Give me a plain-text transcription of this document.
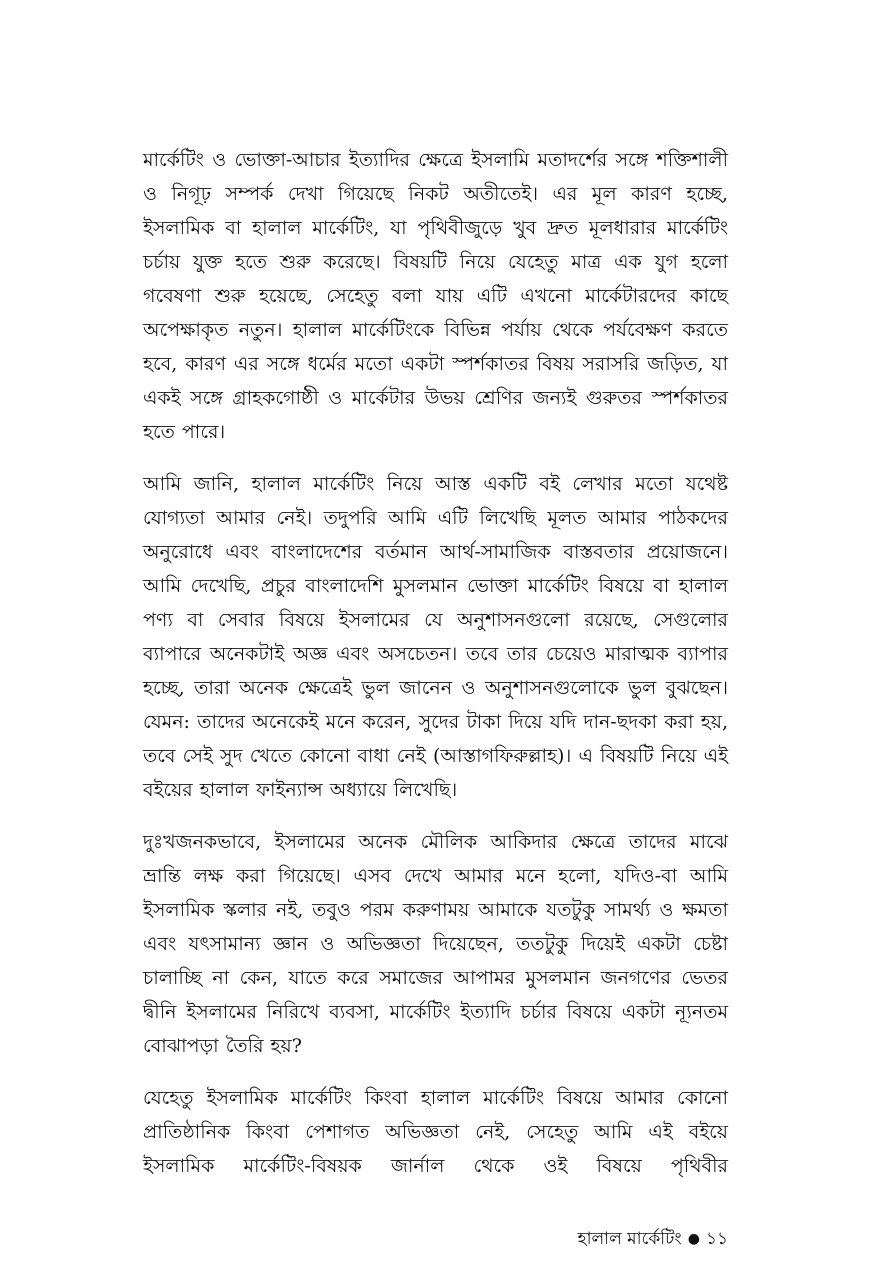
মার্কেটিং ও ভোক্তা-আচার ইত্যাদির ক্ষেত্রে ইসলামি মতাদর্শের সঙ্গে শক্তিশালী ও নিগূঢ় সম্পর্ক দেখা গিয়েছে নিকট অতীতেই। এর মূল কারণ হচ্ছে, ইসলামিক বা হালাল মার্কেটিং, যা পৃথিবীজুড়ে খুব দ্রুত মূলধারার মার্কেটিং চর্চায় যুক্ত হতে শুরু করেছে। বিষয়টি নিয়ে যেহেতু মাত্র এক যুগ হলো গবেষণা শুরু হয়েছে, সেহেতু বলা যায় এটি এখনো মার্কেটারদের কাছে অপেক্ষাকৃত নতুন। হালাল মার্কেটিংকে বিভিন্ন পর্যায় থেকে পর্যবেক্ষণ করতে হবে, কারণ এর সঙ্গে ধর্মের মতো একটা স্পর্শকাতর বিষয় সরাসরি জড়িত, যা একই সঙ্গে গ্রাহকগোষ্ঠী ও মার্কেটার উভয় শ্রেণির জন্যই গুরুতর স্পর্শকাতর হতে পারে।

আমি জানি, হালাল মার্কেটিং নিয়ে আস্ত একটি বই লেখার মতো যথেষ্ট যোগ্যতা আমার নেই। তদুপরি আমি এটি লিখেছি মূলত আমার পাঠকদের অনুরোধে এবং বাংলাদেশের বর্তমান আর্থ-সামাজিক বাস্তবতার প্রয়োজনে। আমি দেখেছি, প্রচুর বাংলাদেশি মুসলমান ভোক্তা মার্কেটিং বিষয়ে বা হালাল পণ্য বা সেবার বিষয়ে ইসলামের যে অনুশাসনগুলো রয়েছে, সেগুলোর ব্যাপারে অনেকটাই অজ্ঞ এবং অসচেতন। তবে তার চেয়েও মারাত্মক ব্যাপার হচ্ছে, তারা অনেক ক্ষেত্রেই ভুল জানেন ও অনুশাসনগুলোকে ভুল বুঝছেন। যেমন: তাদের অনেকেই মনে করেন, সুদের টাকা দিয়ে যদি দান-ছদকা করা হয়, তবে সেই সুদ খেতে কোনো বাধা নেই (আস্তাগফিরুল্লাহ)। এ বিষয়টি নিয়ে এই বইয়ের হালাল ফাইন্যান্স অধ্যায়ে লিখেছি।

দুঃখজনকভাবে, ইসলামের অনেক মৌলিক আকিদার ক্ষেত্রে তাদের মাঝে ভ্রান্তি লক্ষ করা গিয়েছে। এসব দেখে আমার মনে হলো, যদিও-বা আমি ইসলামিক স্কলার নই, তবুও পরম করুণাময় আমাকে যতটুকু সামর্থ্য ও ক্ষমতা এবং যৎসামান্য জ্ঞান ও অভিজ্ঞতা দিয়েছেন, ততটুকু দিয়েই একটা চেষ্টা চালাচ্ছি না কেন, যাতে করে সমাজের আপামর মুসলমান জনগণের ভেতর দ্বীনি ইসলামের নিরিখে ব্যবসা, মার্কেটিং ইত্যাদি চর্চার বিষয়ে একটা ন্যূনতম বোঝাপড়া তৈরি হয়?

যেহেতু ইসলামিক মার্কেটিং কিংবা হালাল মার্কেটিং বিষয়ে আমার কোনো প্রাতিষ্ঠানিক কিংবা পেশাগত অভিজ্ঞতা নেই, সেহেতু আমি এই বইয়ে ইসলামিক মার্কেটিং-বিষয়ক জার্নাল থেকে ওই বিষয়ে পৃথিবীর

হালাল মার্কেটিং ● ১১
